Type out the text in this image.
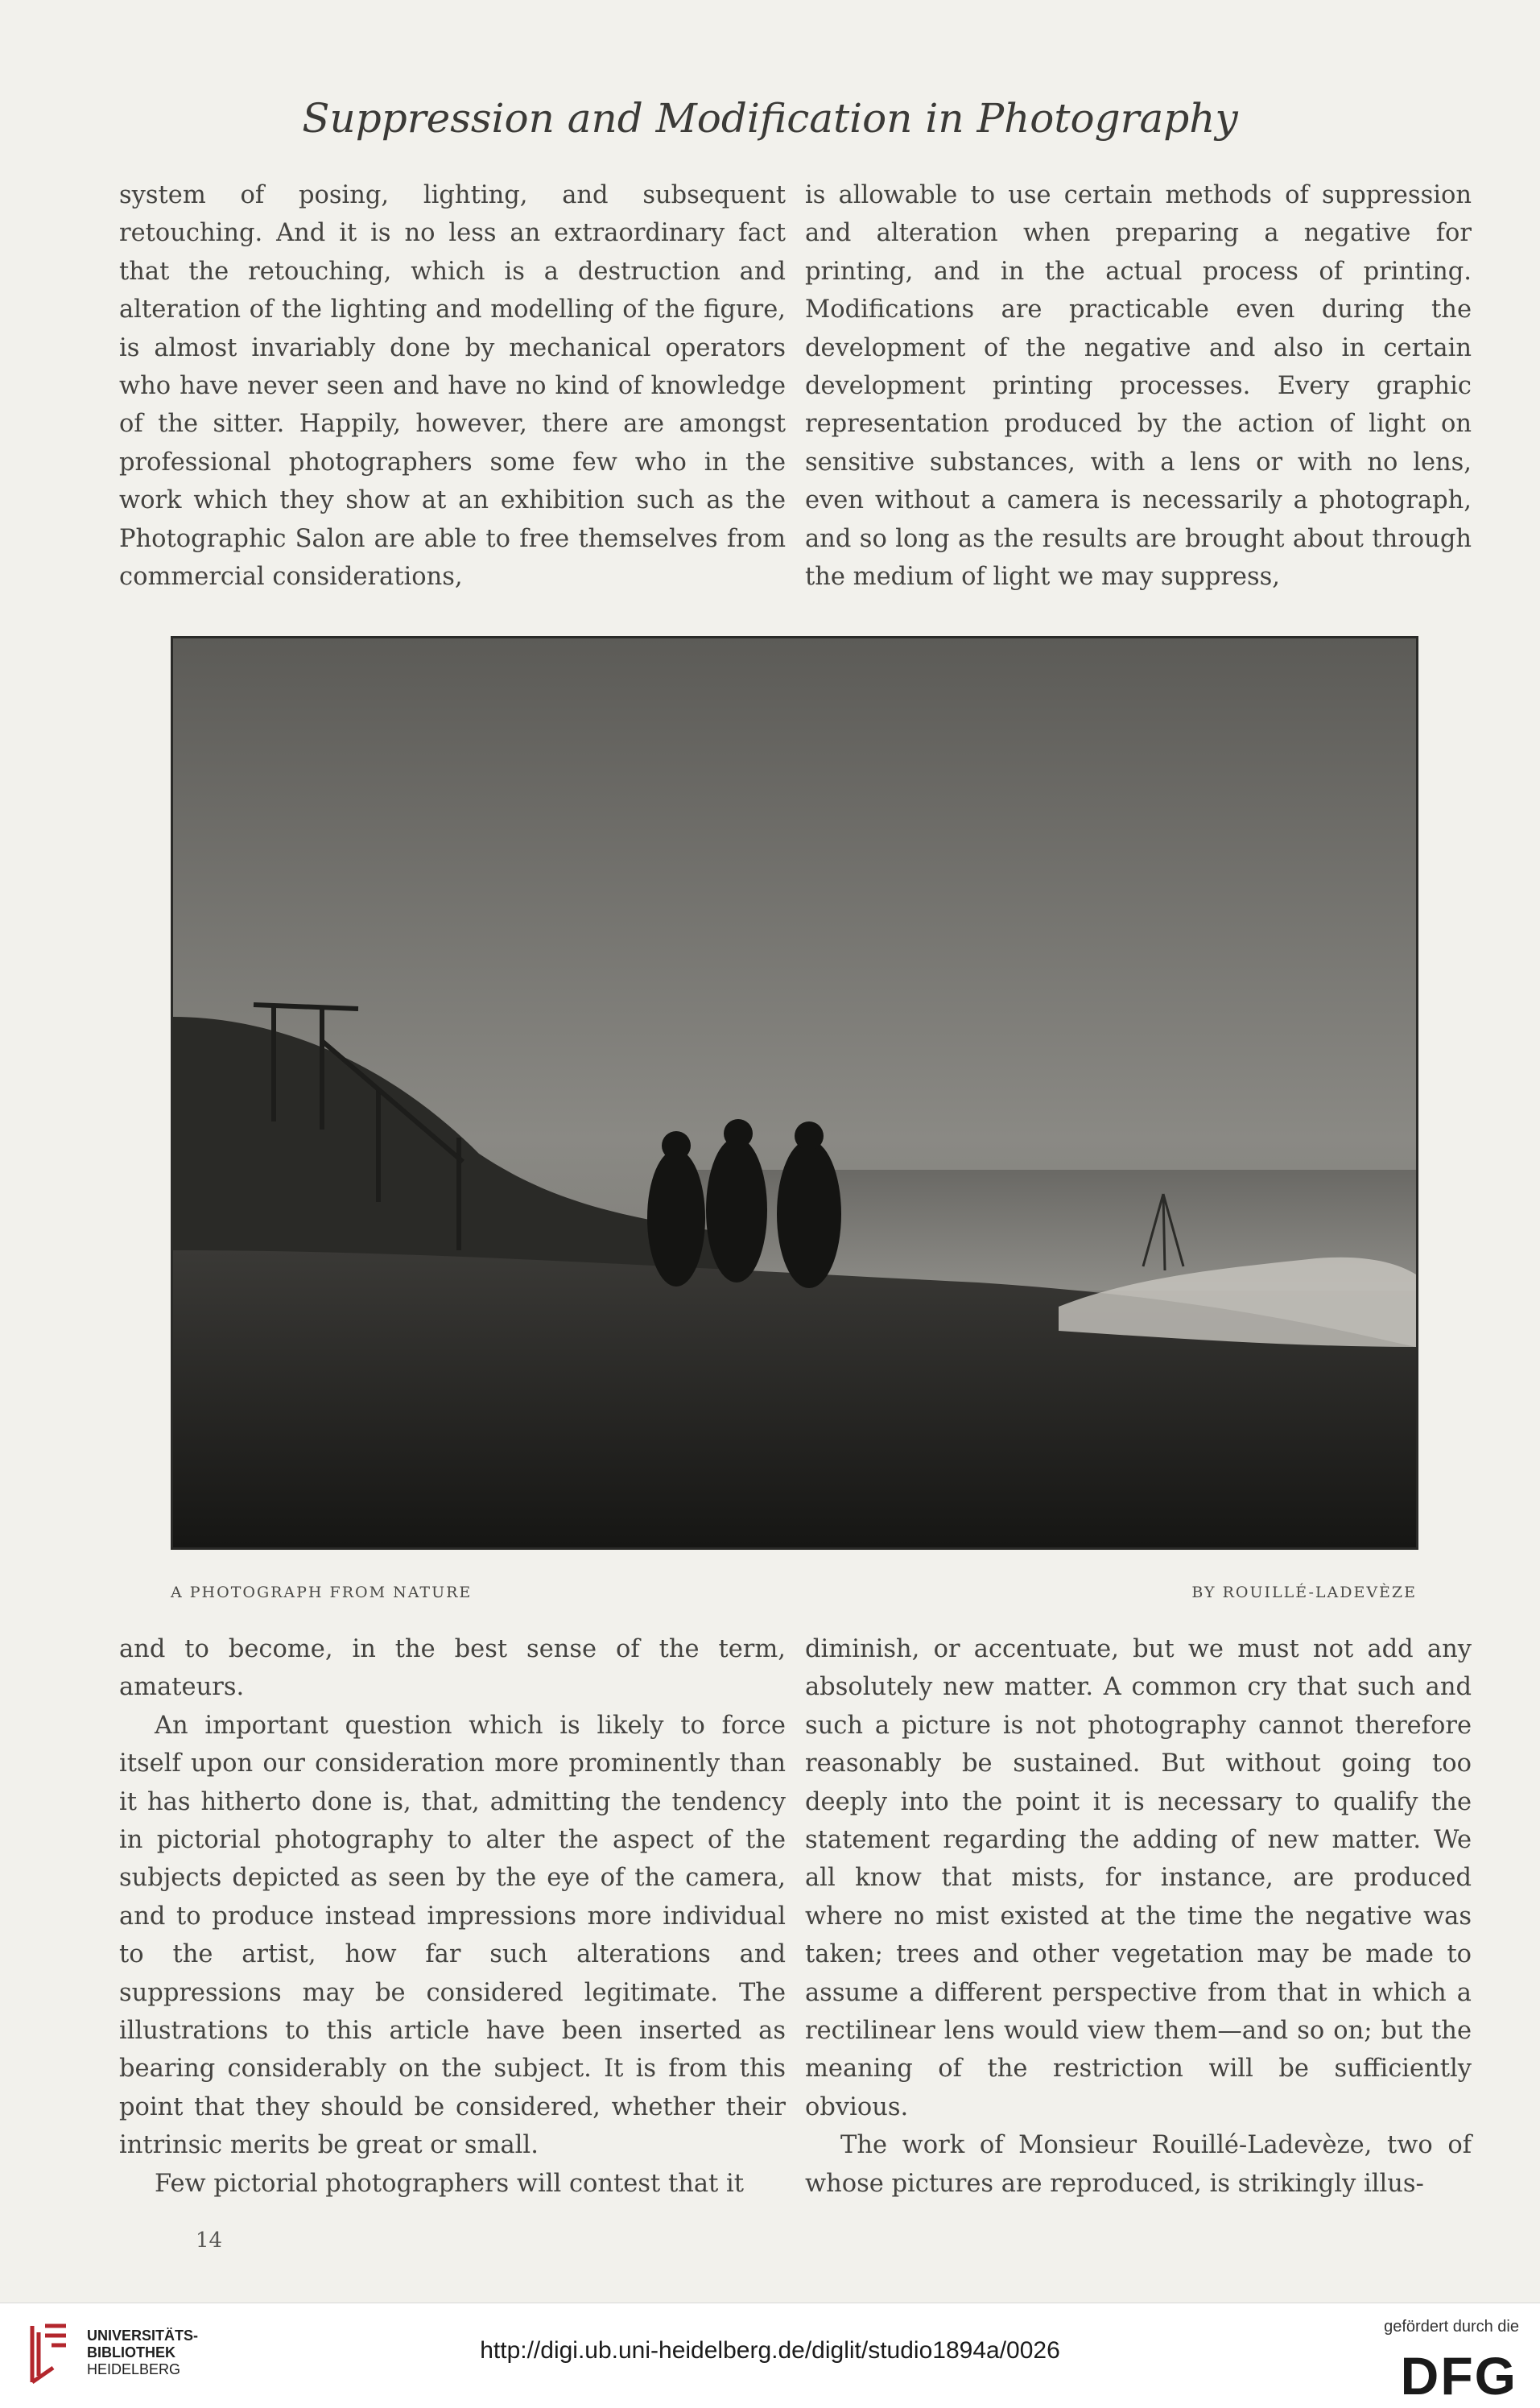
Suppression and Modification in Photography

system of posing, lighting, and subsequent retouching. And it is no less an extraordinary fact that the retouching, which is a destruction and alteration of the lighting and modelling of the figure, is almost invariably done by mechanical operators who have never seen and have no kind of knowledge of the sitter. Happily, however, there are amongst professional photographers some few who in the work which they show at an exhibition such as the Photographic Salon are able to free themselves from commercial considerations,

is allowable to use certain methods of suppression and alteration when preparing a negative for printing, and in the actual process of printing. Modifications are practicable even during the development of the negative and also in certain development printing processes. Every graphic representation produced by the action of light on sensitive substances, with a lens or with no lens, even without a camera is necessarily a photograph, and so long as the results are brought about through the medium of light we may suppress,

A PHOTOGRAPH FROM NATURE	BY ROUILLÉ-LADEVÈZE

and to become, in the best sense of the term, amateurs.

An important question which is likely to force itself upon our consideration more prominently than it has hitherto done is, that, admitting the tendency in pictorial photography to alter the aspect of the subjects depicted as seen by the eye of the camera, and to produce instead impressions more individual to the artist, how far such alterations and suppressions may be considered legitimate. The illustrations to this article have been inserted as bearing considerably on the subject. It is from this point that they should be considered, whether their intrinsic merits be great or small.

Few pictorial photographers will contest that it

diminish, or accentuate, but we must not add any absolutely new matter. A common cry that such and such a picture is not photography cannot therefore reasonably be sustained. But without going too deeply into the point it is necessary to qualify the statement regarding the adding of new matter. We all know that mists, for instance, are produced where no mist existed at the time the negative was taken; trees and other vegetation may be made to assume a different perspective from that in which a rectilinear lens would view them—and so on; but the meaning of the restriction will be sufficiently obvious.

The work of Monsieur Rouillé-Ladevèze, two of whose pictures are reproduced, is strikingly illus-

14
UNIVERSITÄTS-
BIBLIOTHEK
HEIDELBERG
http://digi.ub.uni-heidelberg.de/diglit/studio1894a/0026
gefördert durch die
DFG
